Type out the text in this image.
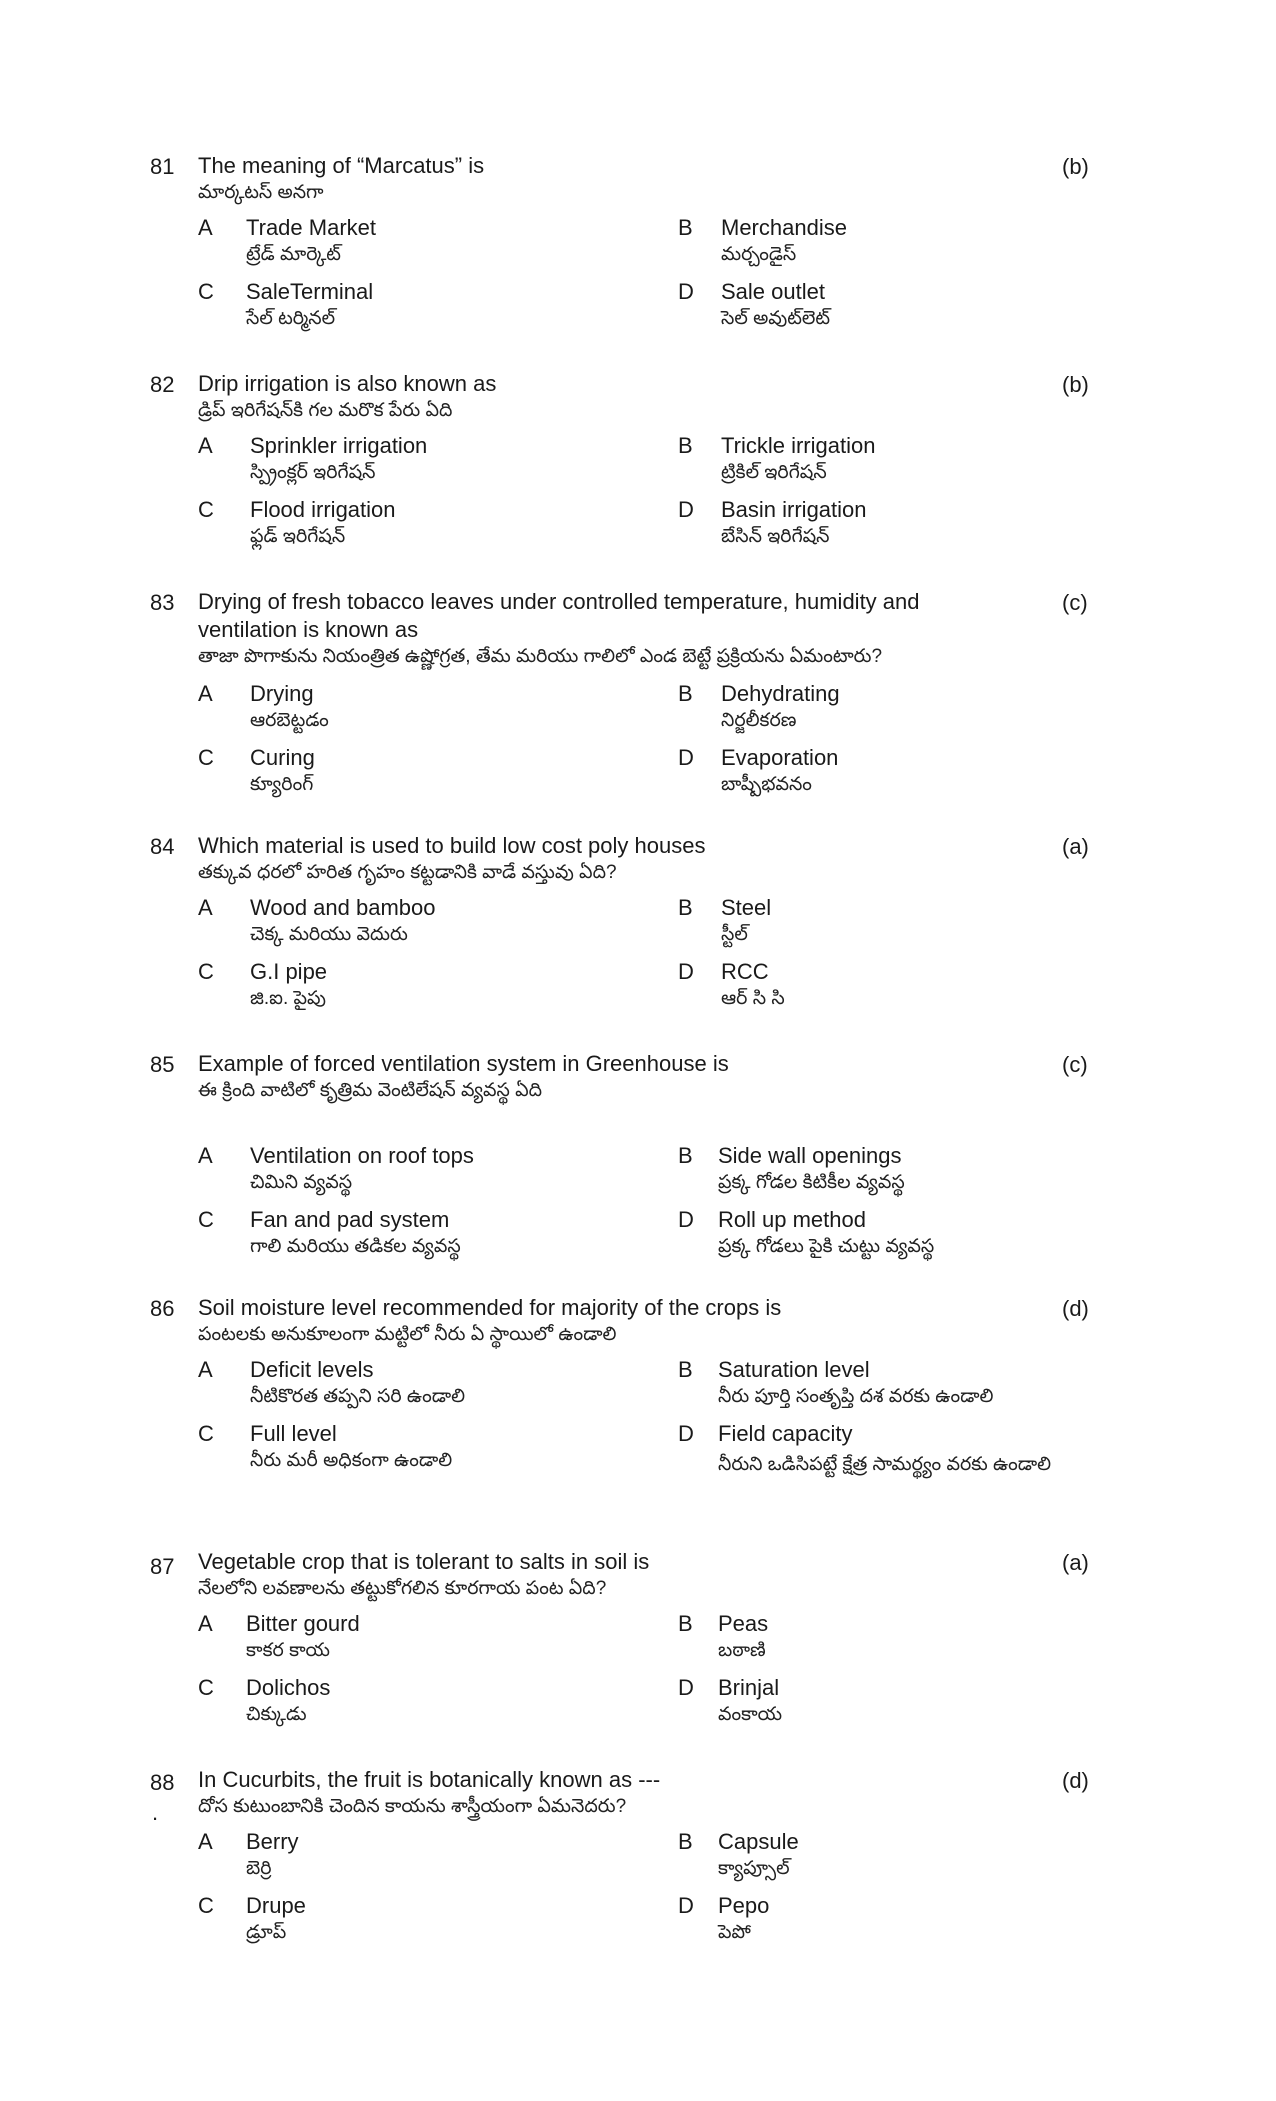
81 The meaning of “Marcatus” is
మార్కటస్ అనగా
(b)
A Trade Market
ట్రేడ్ మార్కెట్
B Merchandise
మర్చండైస్
C SaleTerminal
సేల్ టర్మినల్
D Sale outlet
సెల్ అవుట్‌లెట్
82 Drip irrigation is also known as
డ్రిప్ ఇరిగేషన్‌కి గల మరొక పేరు ఏది
(b)
A Sprinkler irrigation
స్ప్రింక్లర్ ఇరిగేషన్
B Trickle irrigation
ట్రికిల్ ఇరిగేషన్
C Flood irrigation
ఫ్లడ్ ఇరిగేషన్
D Basin irrigation
బేసిన్ ఇరిగేషన్
83 Drying of fresh tobacco leaves under controlled temperature, humidity and ventilation is known as
తాజా పొగాకును నియంత్రిత ఉష్ణోగ్రత, తేమ మరియు గాలిలో ఎండ బెట్టే ప్రక్రియను ఏమంటారు?
(c)
A Drying
ఆరబెట్టడం
B Dehydrating
నిర్జలీకరణ
C Curing
క్యూరింగ్
D Evaporation
బాష్పీభవనం
84 Which material is used to build low cost poly houses
తక్కువ ధరలో హరిత గృహం కట్టడానికి వాడే వస్తువు ఏది?
(a)
A Wood and bamboo
చెక్క మరియు వెదురు
B Steel
స్టీల్
C G.I pipe
జి.ఐ. పైపు
D RCC
ఆర్ సి సి
85 Example of forced ventilation system in Greenhouse is
ఈ క్రింది వాటిలో కృత్రిమ వెంటిలేషన్ వ్యవస్థ ఏది
(c)
A Ventilation on roof tops
చిమిని వ్యవస్థ
B Side wall openings
ప్రక్క గోడల కిటికీల వ్యవస్థ
C Fan and pad system
గాలి మరియు తడికల వ్యవస్థ
D Roll up method
ప్రక్క గోడలు పైకి చుట్టు వ్యవస్థ
86 Soil moisture level recommended for majority of the crops is
పంటలకు అనుకూలంగా మట్టిలో నీరు ఏ స్థాయిలో ఉండాలి
(d)
A Deficit levels
నీటికొరత తప్పని సరి ఉండాలి
B Saturation level
నీరు పూర్తి సంతృప్తి దశ వరకు ఉండాలి
C Full level
నీరు మరీ అధికంగా ఉండాలి
D Field capacity
నీరుని ఒడిసిపట్టే క్షేత్ర సామర్థ్యం వరకు ఉండాలి
87 Vegetable crop that is tolerant to salts in soil is
నేలలోని లవణాలను తట్టుకోగలిన కూరగాయ పంట ఏది?
(a)
A Bitter gourd
కాకర కాయ
B Peas
బఠాణి
C Dolichos
చిక్కుడు
D Brinjal
వంకాయ
88
.
In Cucurbits, the fruit is botanically known as ---
దోస కుటుంబానికి చెందిన కాయను శాస్త్రీయంగా ఏమనెదరు?
(d)
A Berry
బెర్రి
B Capsule
క్యాప్సూల్
C Drupe
డ్రూప్
D Pepo
పెపో
